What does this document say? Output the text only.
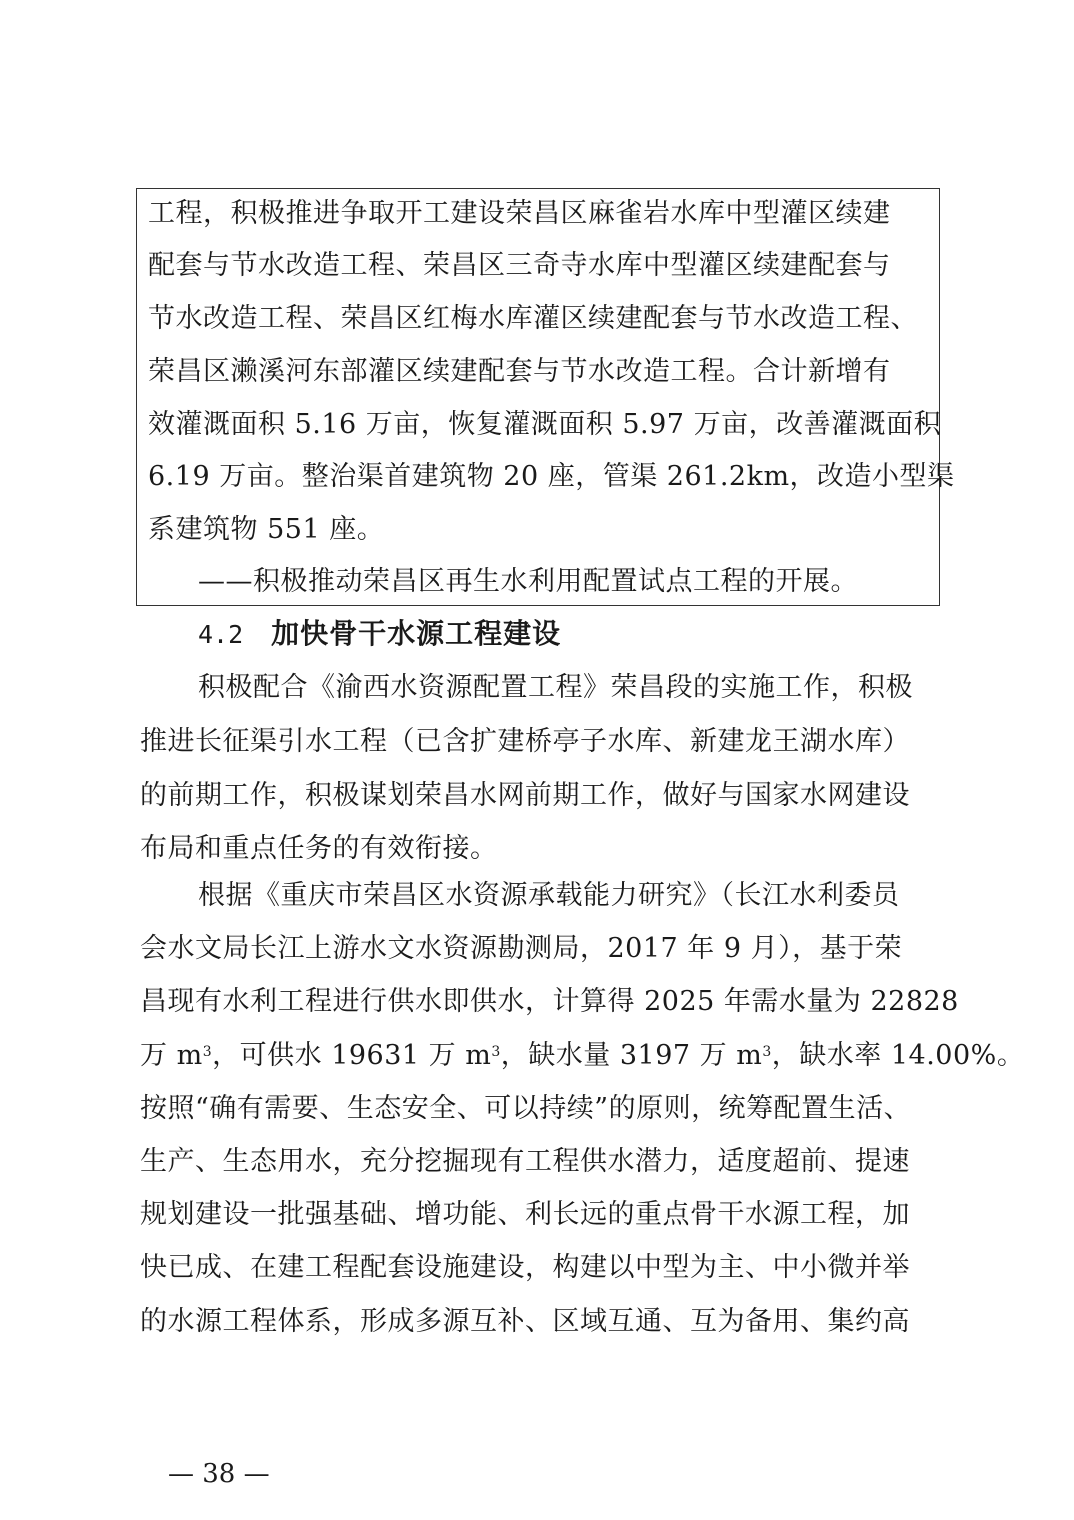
工程，积极推进争取开工建设荣昌区麻雀岩水库中型灌区续建
配套与节水改造工程、荣昌区三奇寺水库中型灌区续建配套与
节水改造工程、荣昌区红梅水库灌区续建配套与节水改造工程、
荣昌区濑溪河东部灌区续建配套与节水改造工程。合计新增有
效灌溉面积 5.16 万亩，恢复灌溉面积 5.97 万亩，改善灌溉面积
6.19 万亩。整治渠首建筑物 20 座，管渠 261.2km，改造小型渠
系建筑物 551 座。
——积极推动荣昌区再生水利用配置试点工程的开展。
4.2 加快骨干水源工程建设
积极配合《渝西水资源配置工程》荣昌段的实施工作，积极
推进长征渠引水工程（已含扩建桥亭子水库、新建龙王湖水库）
的前期工作，积极谋划荣昌水网前期工作，做好与国家水网建设
布局和重点任务的有效衔接。
根据《重庆市荣昌区水资源承载能力研究》（长江水利委员
会水文局长江上游水文水资源勘测局，2017 年 9 月），基于荣
昌现有水利工程进行供水即供水，计算得 2025 年需水量为 22828
万 $m^3$，可供水 19631 万 $m^3$，缺水量 3197 万 $m^3$，缺水率 14.00%。
按照“确有需要、生态安全、可以持续”的原则，统筹配置生活、
生产、生态用水，充分挖掘现有工程供水潜力，适度超前、提速
规划建设一批强基础、增功能、利长远的重点骨干水源工程，加
快已成、在建工程配套设施建设，构建以中型为主、中小微并举
的水源工程体系，形成多源互补、区域互通、互为备用、集约高
— 38 —
